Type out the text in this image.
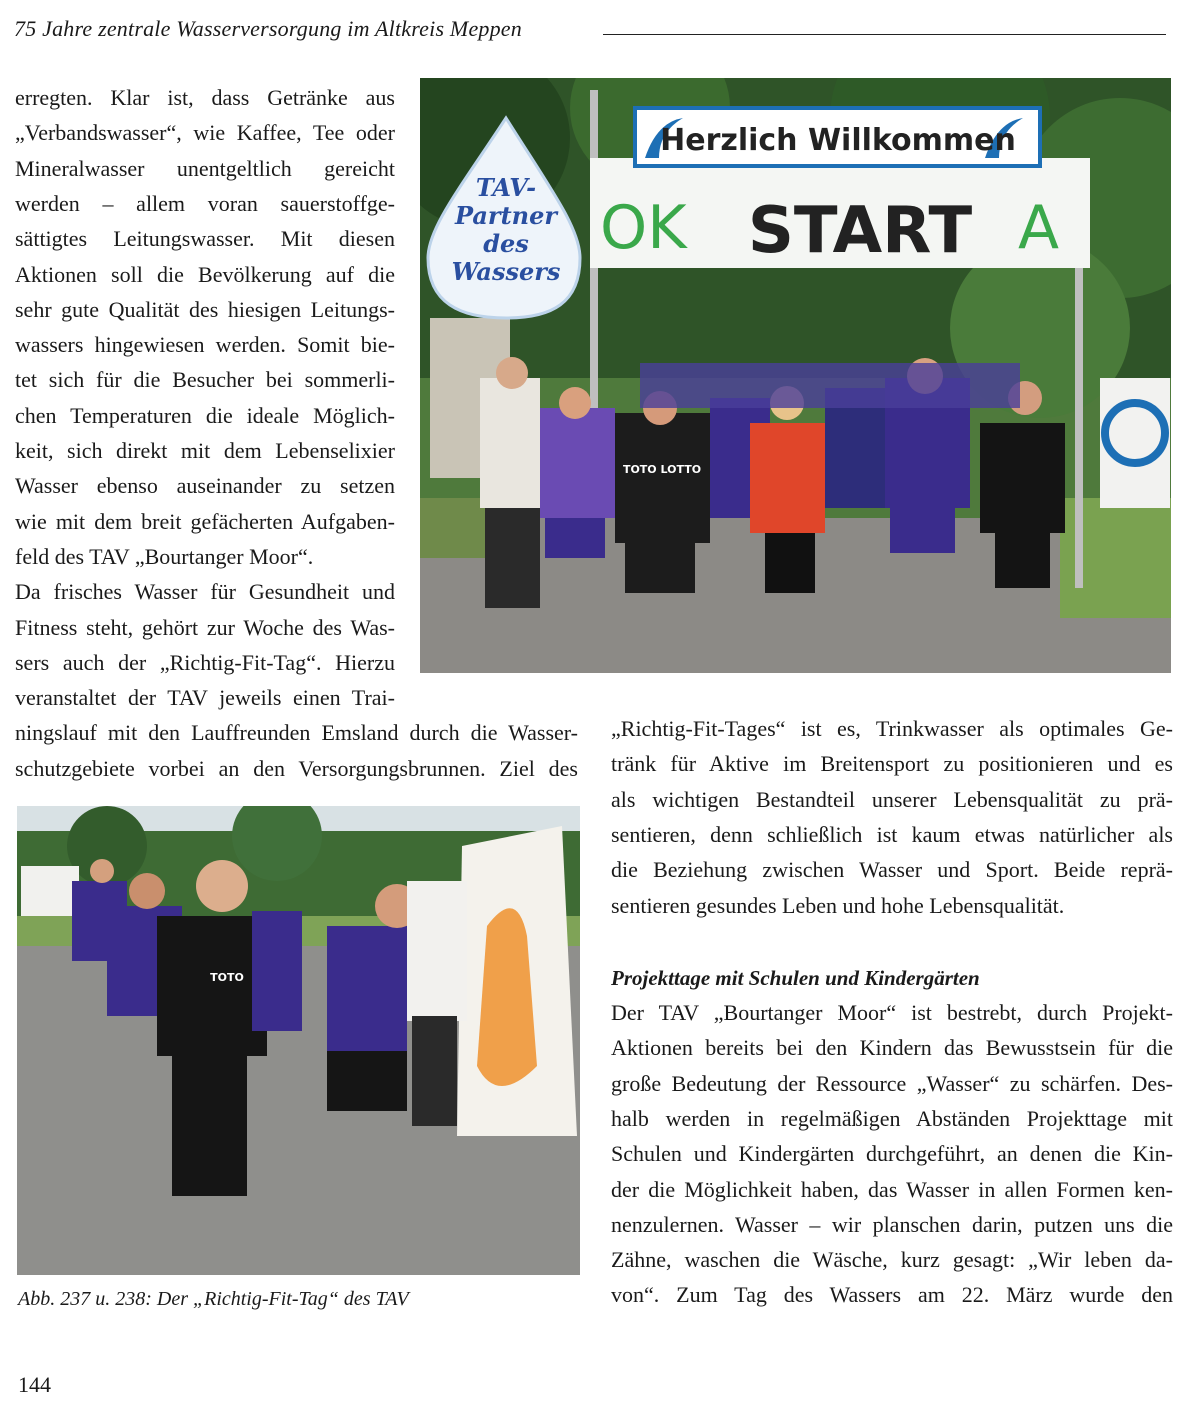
75 Jahre zentrale Wasserversorgung im Altkreis Meppen
erregten. Klar ist, dass Getränke aus
„Verbandswasser“, wie Kaffee, Tee oder
Mineralwasser unentgeltlich gereicht
werden – allem voran sauerstoffge-
sättigtes Leitungswasser. Mit diesen
Aktionen soll die Bevölkerung auf die
sehr gute Qualität des hiesigen Leitungs-
wassers hingewiesen werden. Somit bie-
tet sich für die Besucher bei sommerli-
chen Temperaturen die ideale Möglich-
keit, sich direkt mit dem Lebenselixier
Wasser ebenso auseinander zu setzen
wie mit dem breit gefächerten Aufgaben-
feld des TAV „Bourtanger Moor“.
Da frisches Wasser für Gesundheit und
Fitness steht, gehört zur Woche des Was-
sers auch der „Richtig-Fit-Tag“. Hierzu
veranstaltet der TAV jeweils einen Trai-
ningslauf mit den Lauffreunden Emsland durch die Wasser-
schutzgebiete vorbei an den Versorgungsbrunnen. Ziel des
„Richtig-Fit-Tages“ ist es, Trinkwasser als optimales Ge-
tränk für Aktive im Breitensport zu positionieren und es
als wichtigen Bestandteil unserer Lebensqualität zu prä-
sentieren, denn schließlich ist kaum etwas natürlicher als
die Beziehung zwischen Wasser und Sport. Beide reprä-
sentieren gesundes Leben und hohe Lebensqualität.
Projekttage mit Schulen und Kindergärten
Der TAV „Bourtanger Moor“ ist bestrebt, durch Projekt-
Aktionen bereits bei den Kindern das Bewusstsein für die
große Bedeutung der Ressource „Wasser“ zu schärfen. Des-
halb werden in regelmäßigen Abständen Projekttage mit
Schulen und Kindergärten durchgeführt, an denen die Kin-
der die Möglichkeit haben, das Wasser in allen Formen ken-
nenzulernen. Wasser – wir planschen darin, putzen uns die
Zähne, waschen die Wäsche, kurz gesagt: „Wir leben da-
von“. Zum Tag des Wassers am 22. März wurde den
Herzlich Willkommen
START
OK	A
TAV-
Partner
des
Wassers
TOTO LOTTO
TOTO
Abb. 237 u. 238: Der „Richtig-Fit-Tag“ des TAV
144
